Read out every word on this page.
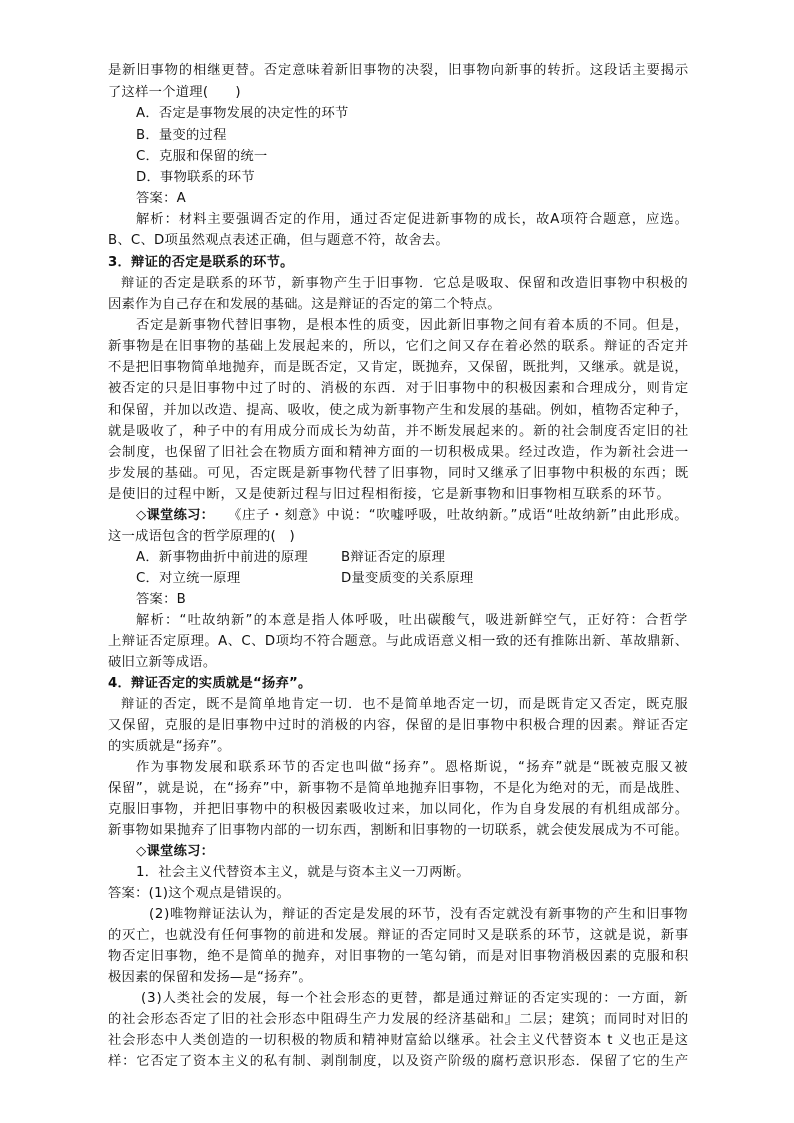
是新旧事物的相继更替。否定意味着新旧事物的决裂，旧事物向新事的转折。这段话主要揭示
了这样一个道理(　　)
A．否定是事物发展的决定性的环节
B．量变的过程
C．克服和保留的统一
D．事物联系的环节
答案：A
解析：材料主要强调否定的作用，通过否定促进新事物的成长，故A项符合题意，应选。
B、C、D项虽然观点表述正确，但与题意不符，故舍去。
3．辩证的否定是联系的环节。
辩证的否定是联系的环节，新事物产生于旧事物．它总是吸取、保留和改造旧事物中积极的
因素作为自己存在和发展的基础。这是辩证的否定的第二个特点。
否定是新事物代替旧事物，是根本性的质变，因此新旧事物之间有着本质的不同。但是，
新事物是在旧事物的基础上发展起来的，所以，它们之间又存在着必然的联系。辩证的否定并
不是把旧事物简单地抛弃，而是既否定，又肯定，既抛弃，又保留，既批判，又继承。就是说，
被否定的只是旧事物中过了时的、消极的东西．对于旧事物中的积极因素和合理成分，则肯定
和保留，并加以改造、提高、吸收，使之成为新事物产生和发展的基础。例如，植物否定种子，
就是吸收了，种子中的有用成分而成长为幼苗，并不断发展起来的。新的社会制度否定旧的社
会制度，也保留了旧社会在物质方面和精神方面的一切积极成果。经过改造，作为新社会进一
步发展的基础。可见，否定既是新事物代替了旧事物，同时又继承了旧事物中积极的东西；既
是使旧的过程中断，又是使新过程与旧过程相衔接，它是新事物和旧事物相互联系的环节。
◇课堂练习： 《庄子・刻意》中说：“吹嘘呼吸，吐故纳新。”成语“吐故纳新”由此形成。
这一成语包含的哲学原理的(　)
A．新事物曲折中前进的原理 B辩证否定的原理
C．对立统一原理	D量变质变的关系原理
答案：B
解析：“吐故纳新”的本意是指人体呼吸，吐出碳酸气，吸进新鲜空气，正好符：合哲学
上辩证否定原理。A、C、D项均不符合题意。与此成语意义相一致的还有推陈出新、革故鼎新、
破旧立新等成语。
4．辩证否定的实质就是“扬弃”。
辩证的否定，既不是简单地肯定一切．也不是简单地否定一切，而是既肯定又否定，既克服
又保留，克服的是旧事物中过时的消极的内容，保留的是旧事物中积极合理的因素。辩证否定
的实质就是“扬弃”。
作为事物发展和联系环节的否定也叫做“扬弃”。恩格斯说，“扬弃”就是“既被克服又被
保留”，就是说，在“扬弃”中，新事物不是简单地抛弃旧事物，不是化为绝对的无，而是战胜、
克服旧事物，并把旧事物中的积极因素吸收过来，加以同化，作为自身发展的有机组成部分。
新事物如果抛弃了旧事物内部的一切东西，割断和旧事物的一切联系，就会使发展成为不可能。
◇课堂练习：
1．社会主义代替资本主义，就是与资本主义一刀两断。
答案：(1)这个观点是错误的。
(2)唯物辩证法认为，辩证的否定是发展的环节，没有否定就没有新事物的产生和旧事物
的灭亡，也就没有任何事物的前进和发展。辩证的否定同时又是联系的环节，这就是说，新事
物否定旧事物，绝不是简单的抛弃，对旧事物的一笔勾销，而是对旧事物消极因素的克服和积
极因素的保留和发扬—是“扬弃”。
(3)人类社会的发展，每一个社会形态的更替，都是通过辩证的否定实现的：一方面，新
的社会形态否定了旧的社会形态中阻碍生产力发展的经济基础和』二层；建筑；而同时对旧的
社会形态中人类创造的一切积极的物质和精神财富給以继承。社会主义代替资本 t 义也正是这
样：它否定了资本主义的私有制、剥削制度，以及资产阶级的腐朽意识形态．保留了它的生产
